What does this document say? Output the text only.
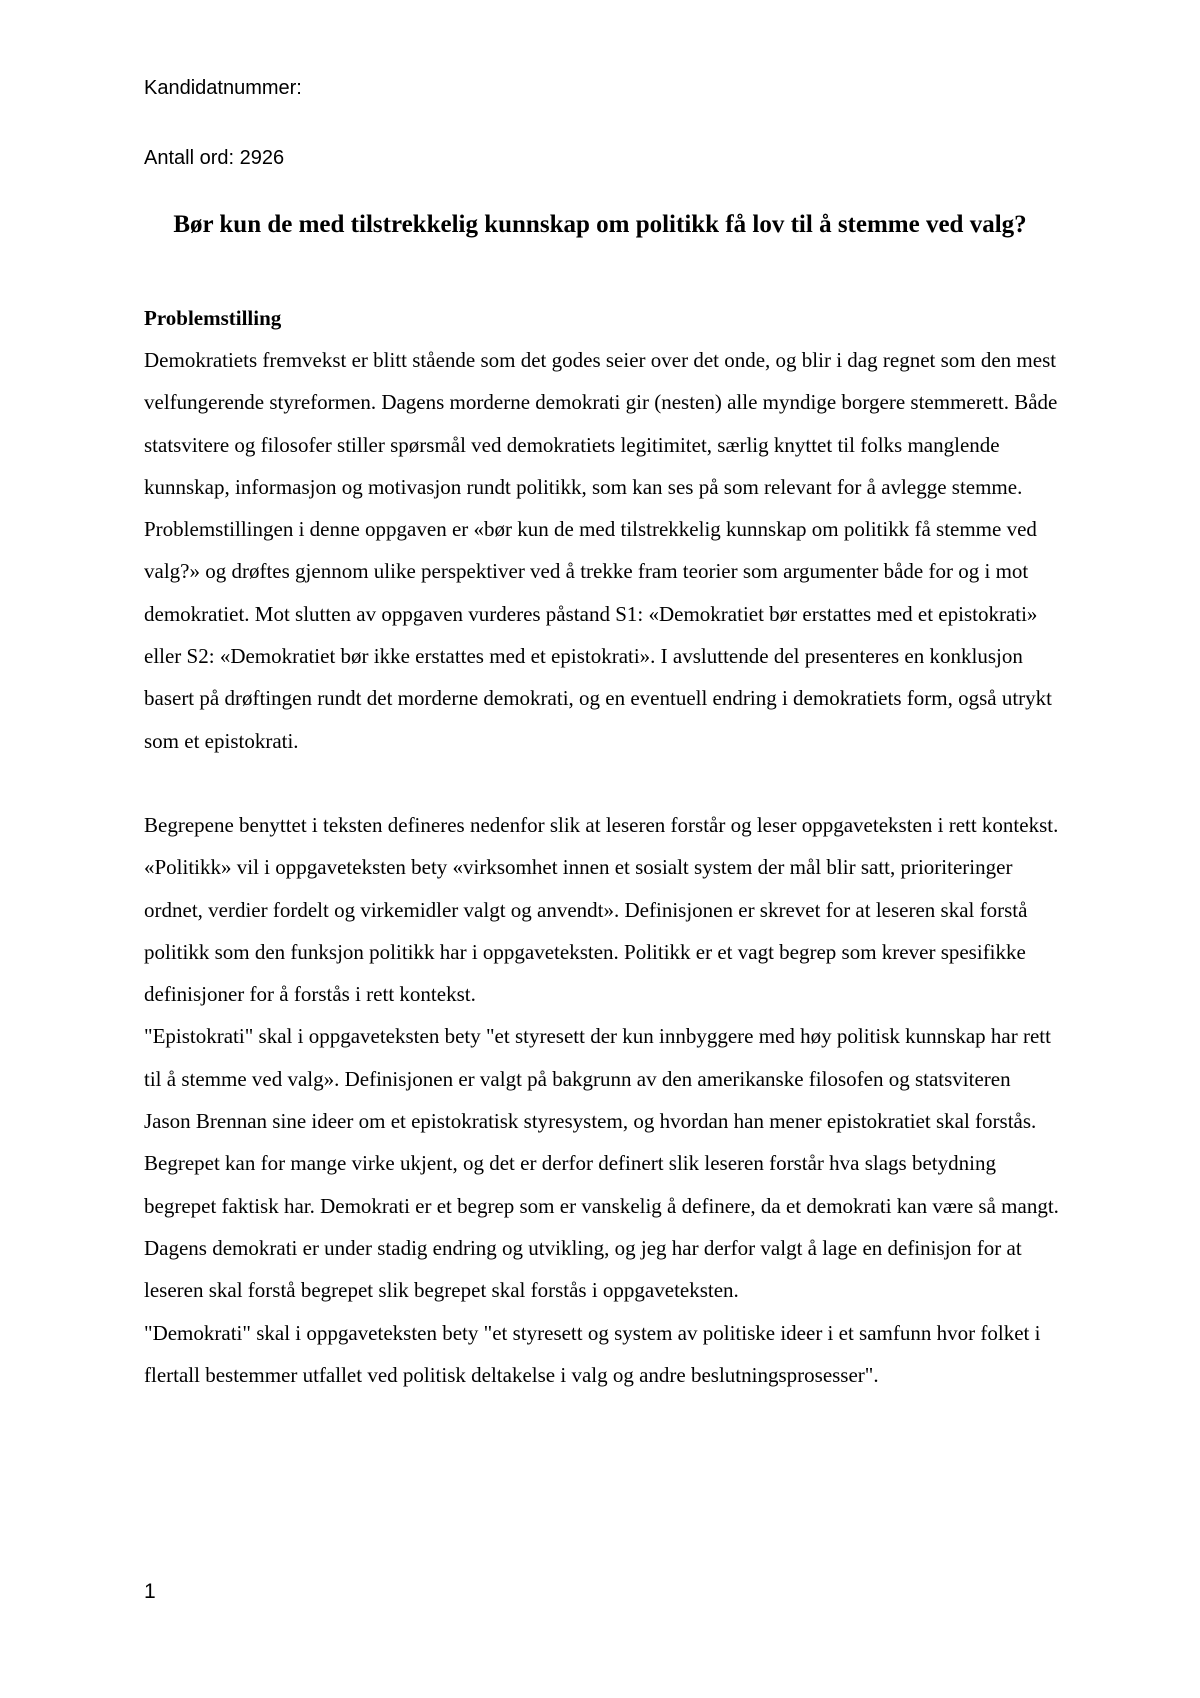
Kandidatnummer:
Antall ord: 2926
Bør kun de med tilstrekkelig kunnskap om politikk få lov til å stemme ved valg?

Problemstilling

Demokratiets fremvekst er blitt stående som det godes seier over det onde, og blir i dag regnet som den mest velfungerende styreformen. Dagens morderne demokrati gir (nesten) alle myndige borgere stemmerett. Både statsvitere og filosofer stiller spørsmål ved demokratiets legitimitet, særlig knyttet til folks manglende kunnskap, informasjon og motivasjon rundt politikk, som kan ses på som relevant for å avlegge stemme. Problemstillingen i denne oppgaven er «bør kun de med tilstrekkelig kunnskap om politikk få stemme ved valg?» og drøftes gjennom ulike perspektiver ved å trekke fram teorier som argumenter både for og i mot demokratiet. Mot slutten av oppgaven vurderes påstand S1: «Demokratiet bør erstattes med et epistokrati» eller S2: «Demokratiet bør ikke erstattes med et epistokrati». I avsluttende del presenteres en konklusjon basert på drøftingen rundt det morderne demokrati, og en eventuell endring i demokratiets form, også utrykt som et epistokrati.

Begrepene benyttet i teksten defineres nedenfor slik at leseren forstår og leser oppgaveteksten i rett kontekst. «Politikk» vil i oppgaveteksten bety «virksomhet innen et sosialt system der mål blir satt, prioriteringer ordnet, verdier fordelt og virkemidler valgt og anvendt». Definisjonen er skrevet for at leseren skal forstå politikk som den funksjon politikk har i oppgaveteksten. Politikk er et vagt begrep som krever spesifikke definisjoner for å forstås i rett kontekst.

"Epistokrati" skal i oppgaveteksten bety "et styresett der kun innbyggere med høy politisk kunnskap har rett til å stemme ved valg». Definisjonen er valgt på bakgrunn av den amerikanske filosofen og statsviteren Jason Brennan sine ideer om et epistokratisk styresystem, og hvordan han mener epistokratiet skal forstås. Begrepet kan for mange virke ukjent, og det er derfor definert slik leseren forstår hva slags betydning begrepet faktisk har. Demokrati er et begrep som er vanskelig å definere, da et demokrati kan være så mangt. Dagens demokrati er under stadig endring og utvikling, og jeg har derfor valgt å lage en definisjon for at leseren skal forstå begrepet slik begrepet skal forstås i oppgaveteksten.

"Demokrati" skal i oppgaveteksten bety "et styresett og system av politiske ideer i et samfunn hvor folket i flertall bestemmer utfallet ved politisk deltakelse i valg og andre beslutningsprosesser".

1
